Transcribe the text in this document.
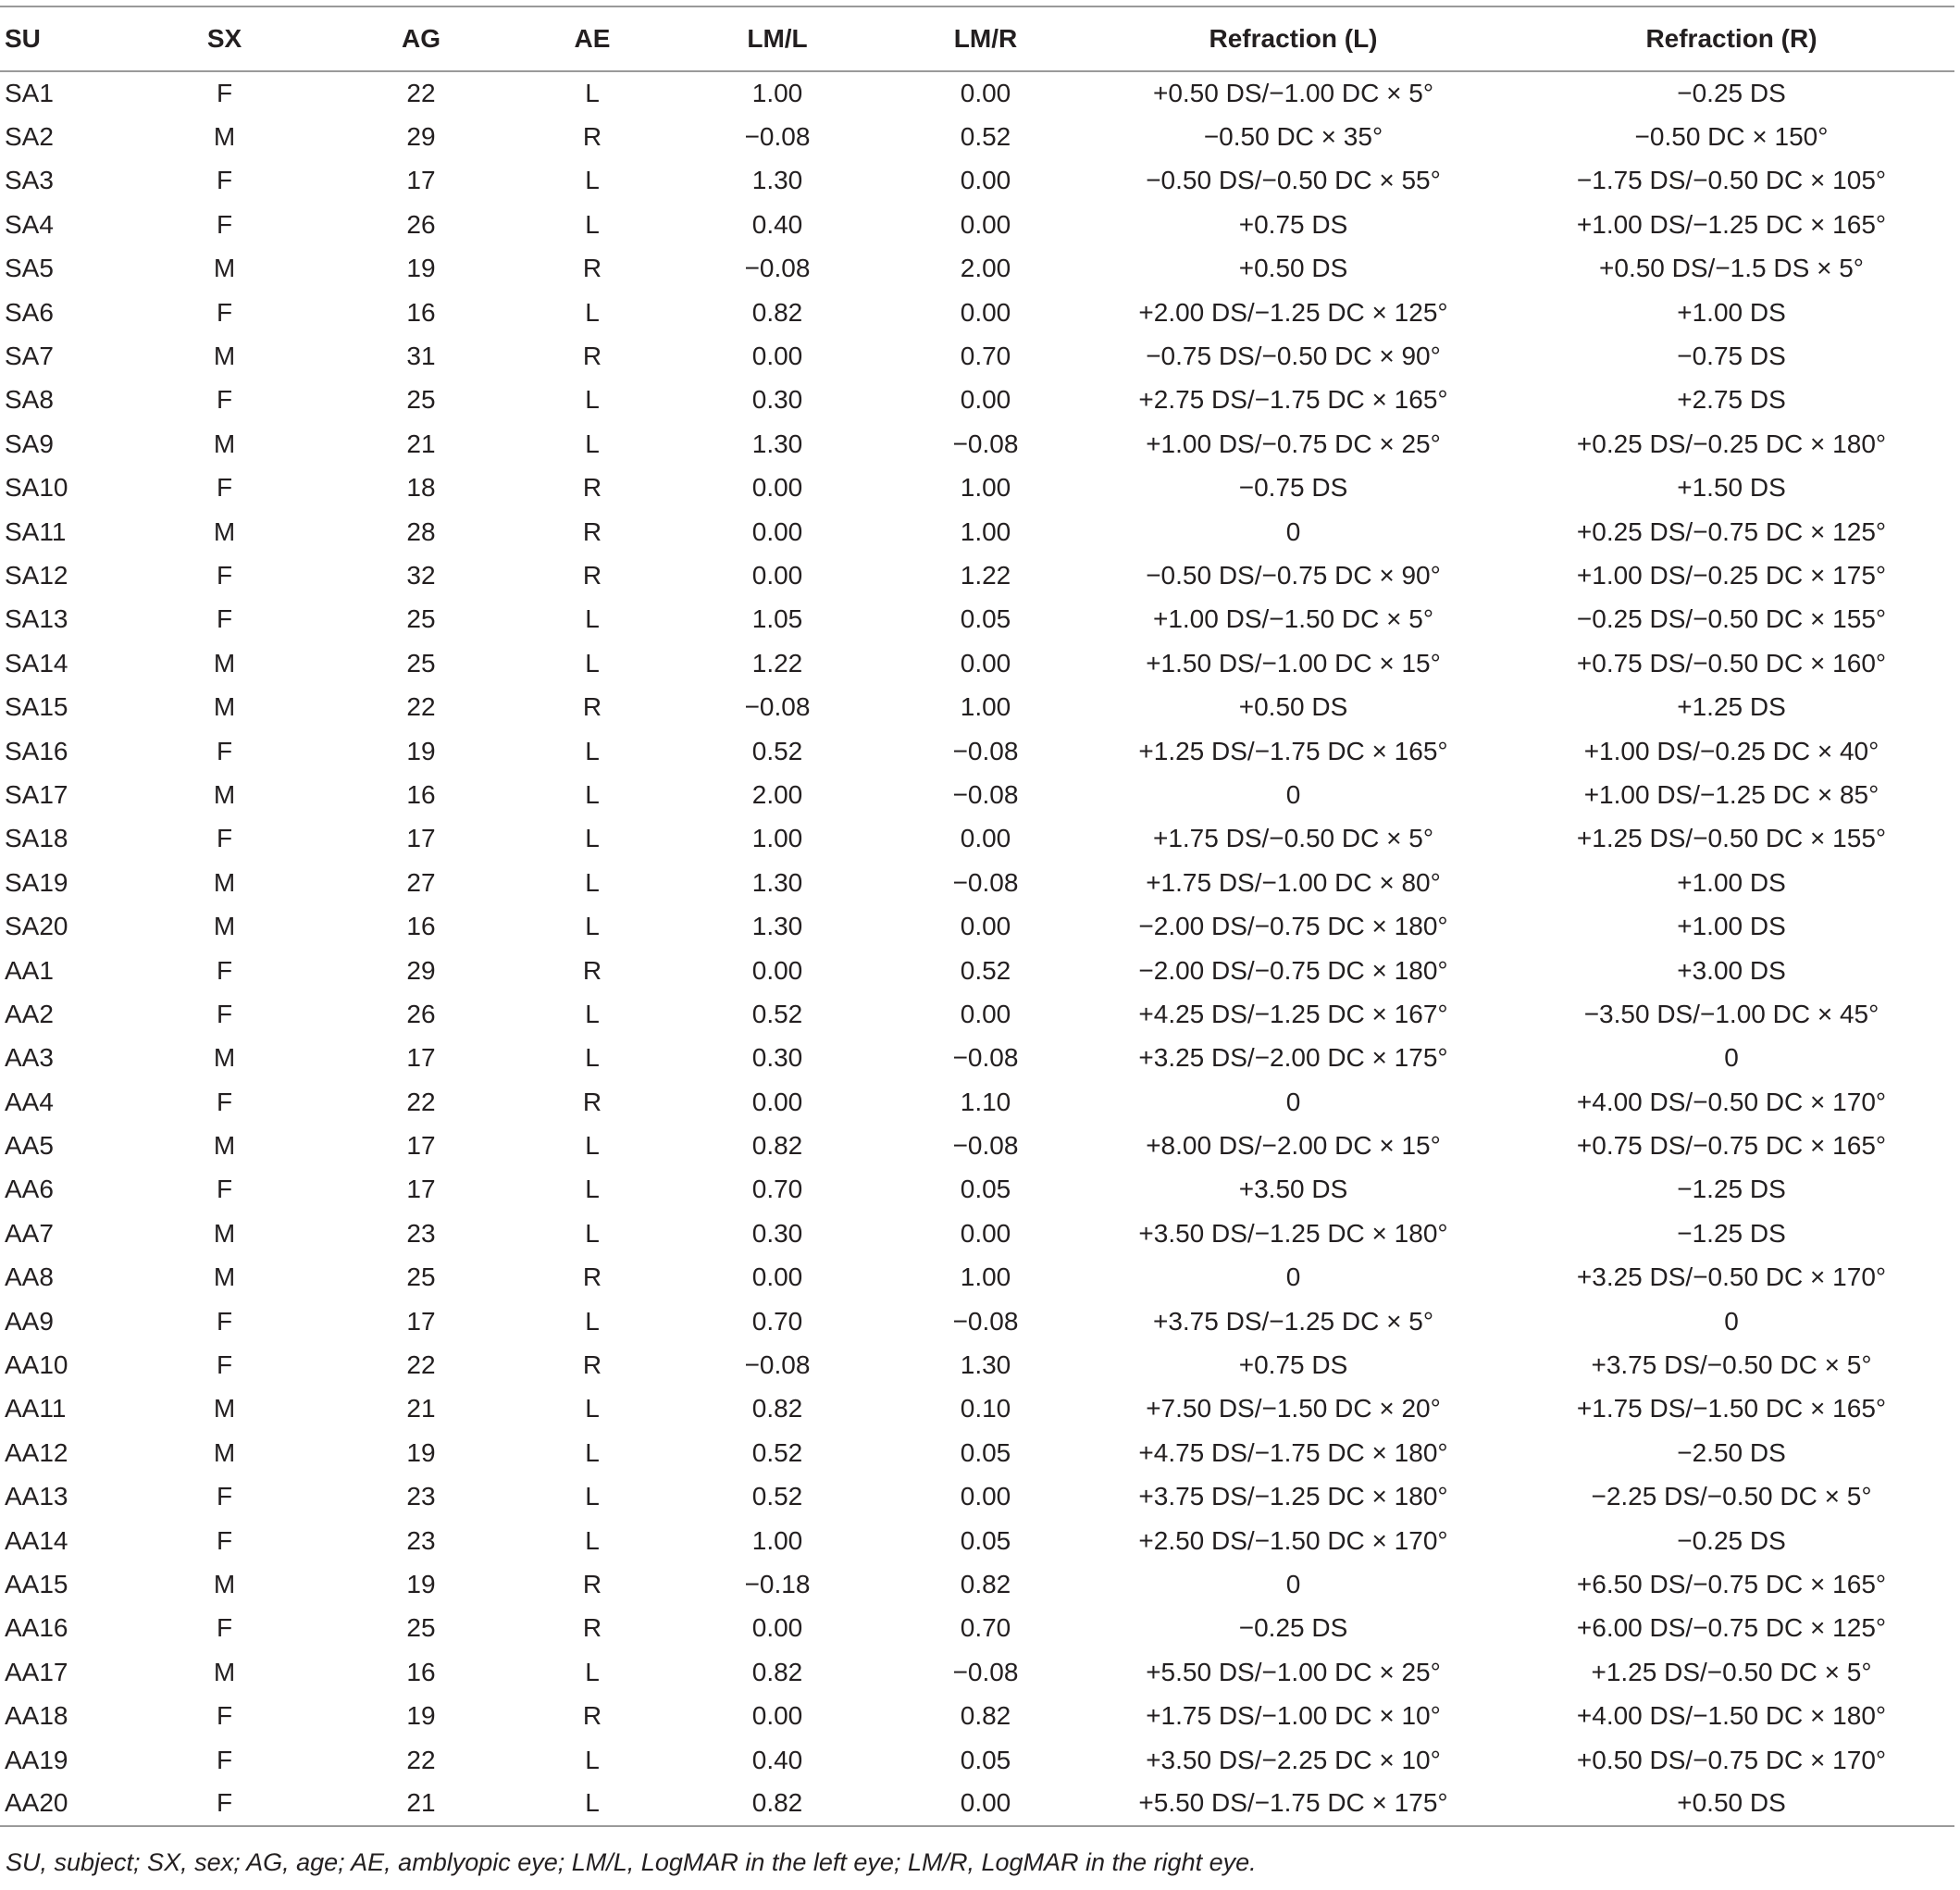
SU	SX	AG	AE	LM/L	LM/R	Refraction (L)	Refraction (R)
SA1	F	22	L	1.00	0.00	+0.50 DS/−1.00 DC × 5°	−0.25 DS
SA2	M	29	R	−0.08	0.52	−0.50 DC × 35°	−0.50 DC × 150°
SA3	F	17	L	1.30	0.00	−0.50 DS/−0.50 DC × 55°	−1.75 DS/−0.50 DC × 105°
SA4	F	26	L	0.40	0.00	+0.75 DS	+1.00 DS/−1.25 DC × 165°
SA5	M	19	R	−0.08	2.00	+0.50 DS	+0.50 DS/−1.5 DS × 5°
SA6	F	16	L	0.82	0.00	+2.00 DS/−1.25 DC × 125°	+1.00 DS
SA7	M	31	R	0.00	0.70	−0.75 DS/−0.50 DC × 90°	−0.75 DS
SA8	F	25	L	0.30	0.00	+2.75 DS/−1.75 DC × 165°	+2.75 DS
SA9	M	21	L	1.30	−0.08	+1.00 DS/−0.75 DC × 25°	+0.25 DS/−0.25 DC × 180°
SA10	F	18	R	0.00	1.00	−0.75 DS	+1.50 DS
SA11	M	28	R	0.00	1.00	0	+0.25 DS/−0.75 DC × 125°
SA12	F	32	R	0.00	1.22	−0.50 DS/−0.75 DC × 90°	+1.00 DS/−0.25 DC × 175°
SA13	F	25	L	1.05	0.05	+1.00 DS/−1.50 DC × 5°	−0.25 DS/−0.50 DC × 155°
SA14	M	25	L	1.22	0.00	+1.50 DS/−1.00 DC × 15°	+0.75 DS/−0.50 DC × 160°
SA15	M	22	R	−0.08	1.00	+0.50 DS	+1.25 DS
SA16	F	19	L	0.52	−0.08	+1.25 DS/−1.75 DC × 165°	+1.00 DS/−0.25 DC × 40°
SA17	M	16	L	2.00	−0.08	0	+1.00 DS/−1.25 DC × 85°
SA18	F	17	L	1.00	0.00	+1.75 DS/−0.50 DC × 5°	+1.25 DS/−0.50 DC × 155°
SA19	M	27	L	1.30	−0.08	+1.75 DS/−1.00 DC × 80°	+1.00 DS
SA20	M	16	L	1.30	0.00	−2.00 DS/−0.75 DC × 180°	+1.00 DS
AA1	F	29	R	0.00	0.52	−2.00 DS/−0.75 DC × 180°	+3.00 DS
AA2	F	26	L	0.52	0.00	+4.25 DS/−1.25 DC × 167°	−3.50 DS/−1.00 DC × 45°
AA3	M	17	L	0.30	−0.08	+3.25 DS/−2.00 DC × 175°	0
AA4	F	22	R	0.00	1.10	0	+4.00 DS/−0.50 DC × 170°
AA5	M	17	L	0.82	−0.08	+8.00 DS/−2.00 DC × 15°	+0.75 DS/−0.75 DC × 165°
AA6	F	17	L	0.70	0.05	+3.50 DS	−1.25 DS
AA7	M	23	L	0.30	0.00	+3.50 DS/−1.25 DC × 180°	−1.25 DS
AA8	M	25	R	0.00	1.00	0	+3.25 DS/−0.50 DC × 170°
AA9	F	17	L	0.70	−0.08	+3.75 DS/−1.25 DC × 5°	0
AA10	F	22	R	−0.08	1.30	+0.75 DS	+3.75 DS/−0.50 DC × 5°
AA11	M	21	L	0.82	0.10	+7.50 DS/−1.50 DC × 20°	+1.75 DS/−1.50 DC × 165°
AA12	M	19	L	0.52	0.05	+4.75 DS/−1.75 DC × 180°	−2.50 DS
AA13	F	23	L	0.52	0.00	+3.75 DS/−1.25 DC × 180°	−2.25 DS/−0.50 DC × 5°
AA14	F	23	L	1.00	0.05	+2.50 DS/−1.50 DC × 170°	−0.25 DS
AA15	M	19	R	−0.18	0.82	0	+6.50 DS/−0.75 DC × 165°
AA16	F	25	R	0.00	0.70	−0.25 DS	+6.00 DS/−0.75 DC × 125°
AA17	M	16	L	0.82	−0.08	+5.50 DS/−1.00 DC × 25°	+1.25 DS/−0.50 DC × 5°
AA18	F	19	R	0.00	0.82	+1.75 DS/−1.00 DC × 10°	+4.00 DS/−1.50 DC × 180°
AA19	F	22	L	0.40	0.05	+3.50 DS/−2.25 DC × 10°	+0.50 DS/−0.75 DC × 170°
AA20	F	21	L	0.82	0.00	+5.50 DS/−1.75 DC × 175°	+0.50 DS
SU, subject; SX, sex; AG, age; AE, amblyopic eye; LM/L, LogMAR in the left eye; LM/R, LogMAR in the right eye.
